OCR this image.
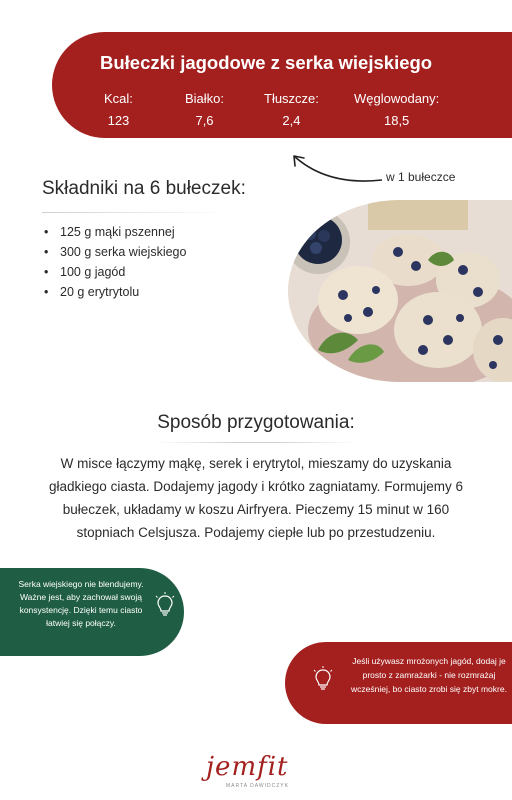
Bułeczki jagodowe z serka wiejskiego
Kcal:
123
Białko:
7,6
Tłuszcze:
2,4
Węglowodany:
18,5
w 1 bułeczce
Składniki na 6 bułeczek:
• 125 g mąki pszennej
• 300 g serka wiejskiego
• 100 g jagód
• 20 g erytrytolu
Sposób przygotowania:
W misce łączymy mąkę, serek i erytrytol, mieszamy do uzyskania gładkiego ciasta. Dodajemy jagody i krótko zagniatamy. Formujemy 6 bułeczek, układamy w koszu Airfryera. Pieczemy 15 minut w 160 stopniach Celsjusza. Podajemy ciepłe lub po przestudzeniu.
Serka wiejskiego nie blendujemy. Ważne jest, aby zachował swoją konsystencję. Dzięki temu ciasto łatwiej się połączy.
Jeśli używasz mrożonych jagód, dodaj je prosto z zamrażarki - nie rozmrażaj wcześniej, bo ciasto zrobi się zbyt mokre.
jemfit
MARTA DAWIDCZYK
